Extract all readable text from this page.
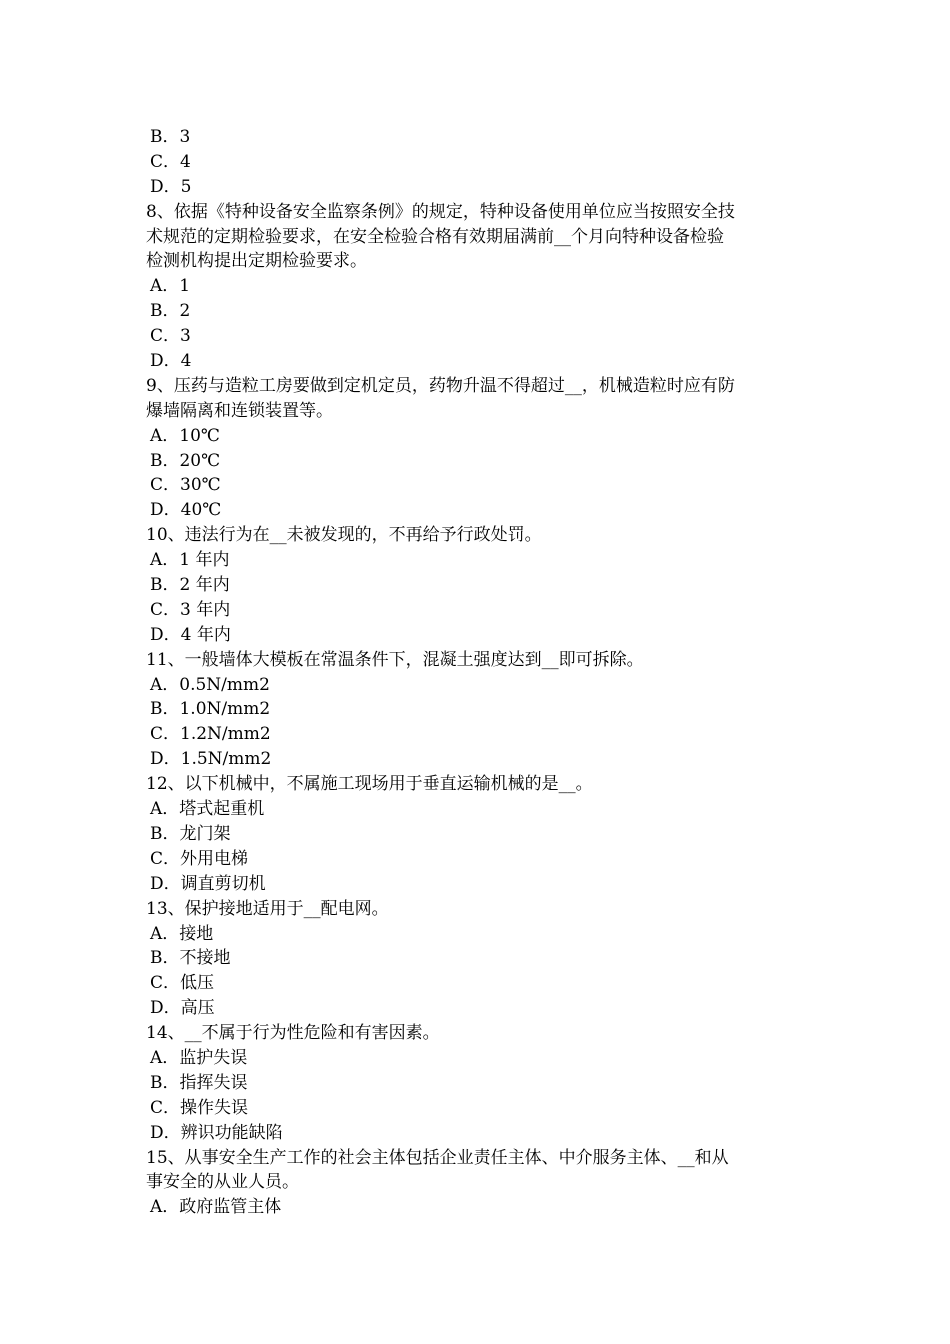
B．3
C．4
D．5
8、依据《特种设备安全监察条例》的规定，特种设备使用单位应当按照安全技
术规范的定期检验要求，在安全检验合格有效期届满前__个月向特种设备检验
检测机构提出定期检验要求。
A．1
B．2
C．3
D．4
9、压药与造粒工房要做到定机定员，药物升温不得超过__，机械造粒时应有防
爆墙隔离和连锁装置等。
A．10℃
B．20℃
C．30℃
D．40℃
10、违法行为在__未被发现的，不再给予行政处罚。
A．1 年内
B．2 年内
C．3 年内
D．4 年内
11、一般墙体大模板在常温条件下，混凝土强度达到__即可拆除。
A．0.5N/mm2
B．1.0N/mm2
C．1.2N/mm2
D．1.5N/mm2
12、以下机械中，不属施工现场用于垂直运输机械的是__。
A．塔式起重机
B．龙门架
C．外用电梯
D．调直剪切机
13、保护接地适用于__配电网。
A．接地
B．不接地
C．低压
D．高压
14、__不属于行为性危险和有害因素。
A．监护失误
B．指挥失误
C．操作失误
D．辨识功能缺陷
15、从事安全生产工作的社会主体包括企业责任主体、中介服务主体、__和从
事安全的从业人员。
A．政府监管主体
